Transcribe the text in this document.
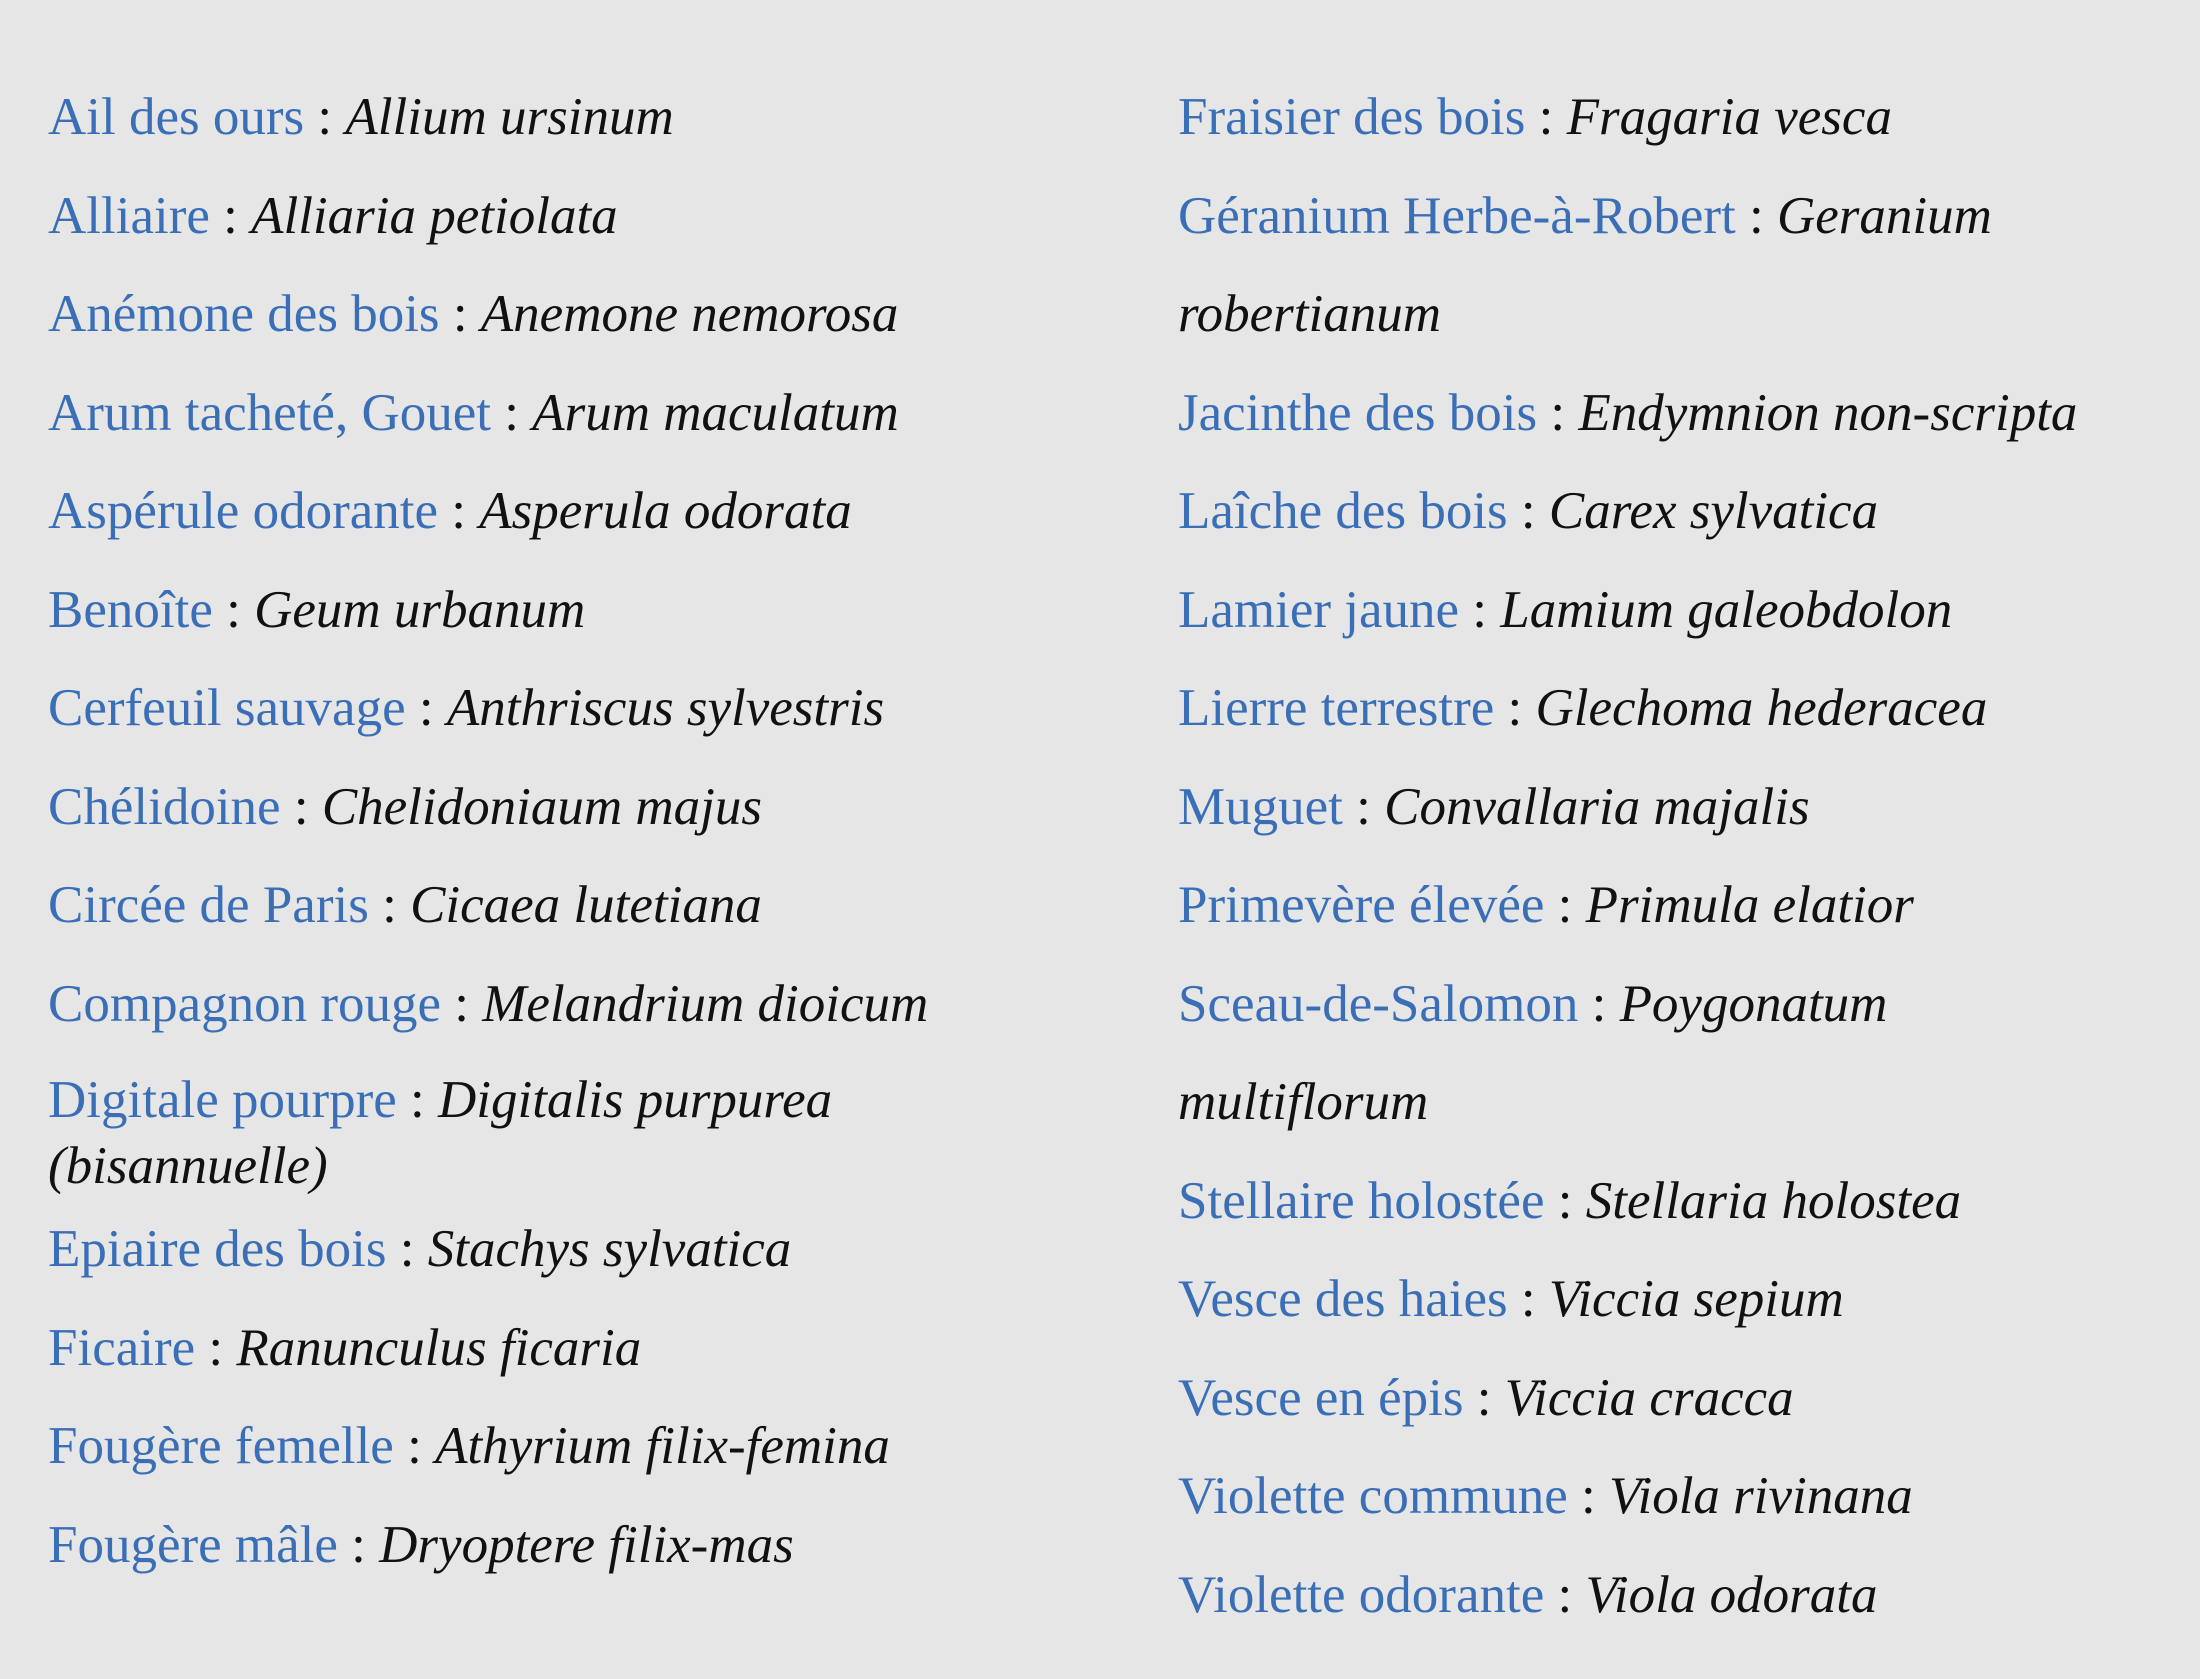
Ail des ours : Allium ursinum
Alliaire : Alliaria petiolata
Anémone des bois : Anemone nemorosa
Arum tacheté, Gouet : Arum maculatum
Aspérule odorante : Asperula odorata
Benoîte : Geum urbanum
Cerfeuil sauvage : Anthriscus sylvestris
Chélidoine : Chelidoniaum majus
Circée de Paris : Cicaea lutetiana
Compagnon rouge : Melandrium dioicum
Digitale pourpre : Digitalis purpurea (bisannuelle)
Epiaire des bois : Stachys sylvatica
Ficaire : Ranunculus ficaria
Fougère femelle : Athyrium filix-femina
Fougère mâle : Dryoptere filix-mas
Fraisier des bois : Fragaria vesca
Géranium Herbe-à-Robert : Geranium robertianum
Jacinthe des bois : Endymnion non-scripta
Laîche des bois : Carex sylvatica
Lamier jaune : Lamium galeobdolon
Lierre terrestre : Glechoma hederacea
Muguet : Convallaria majalis
Primevère élevée : Primula elatior
Sceau-de-Salomon : Poygonatum multiflorum
Stellaire holostée : Stellaria holostea
Vesce des haies : Viccia sepium
Vesce en épis : Viccia cracca
Violette commune : Viola rivinana
Violette odorante : Viola odorata
